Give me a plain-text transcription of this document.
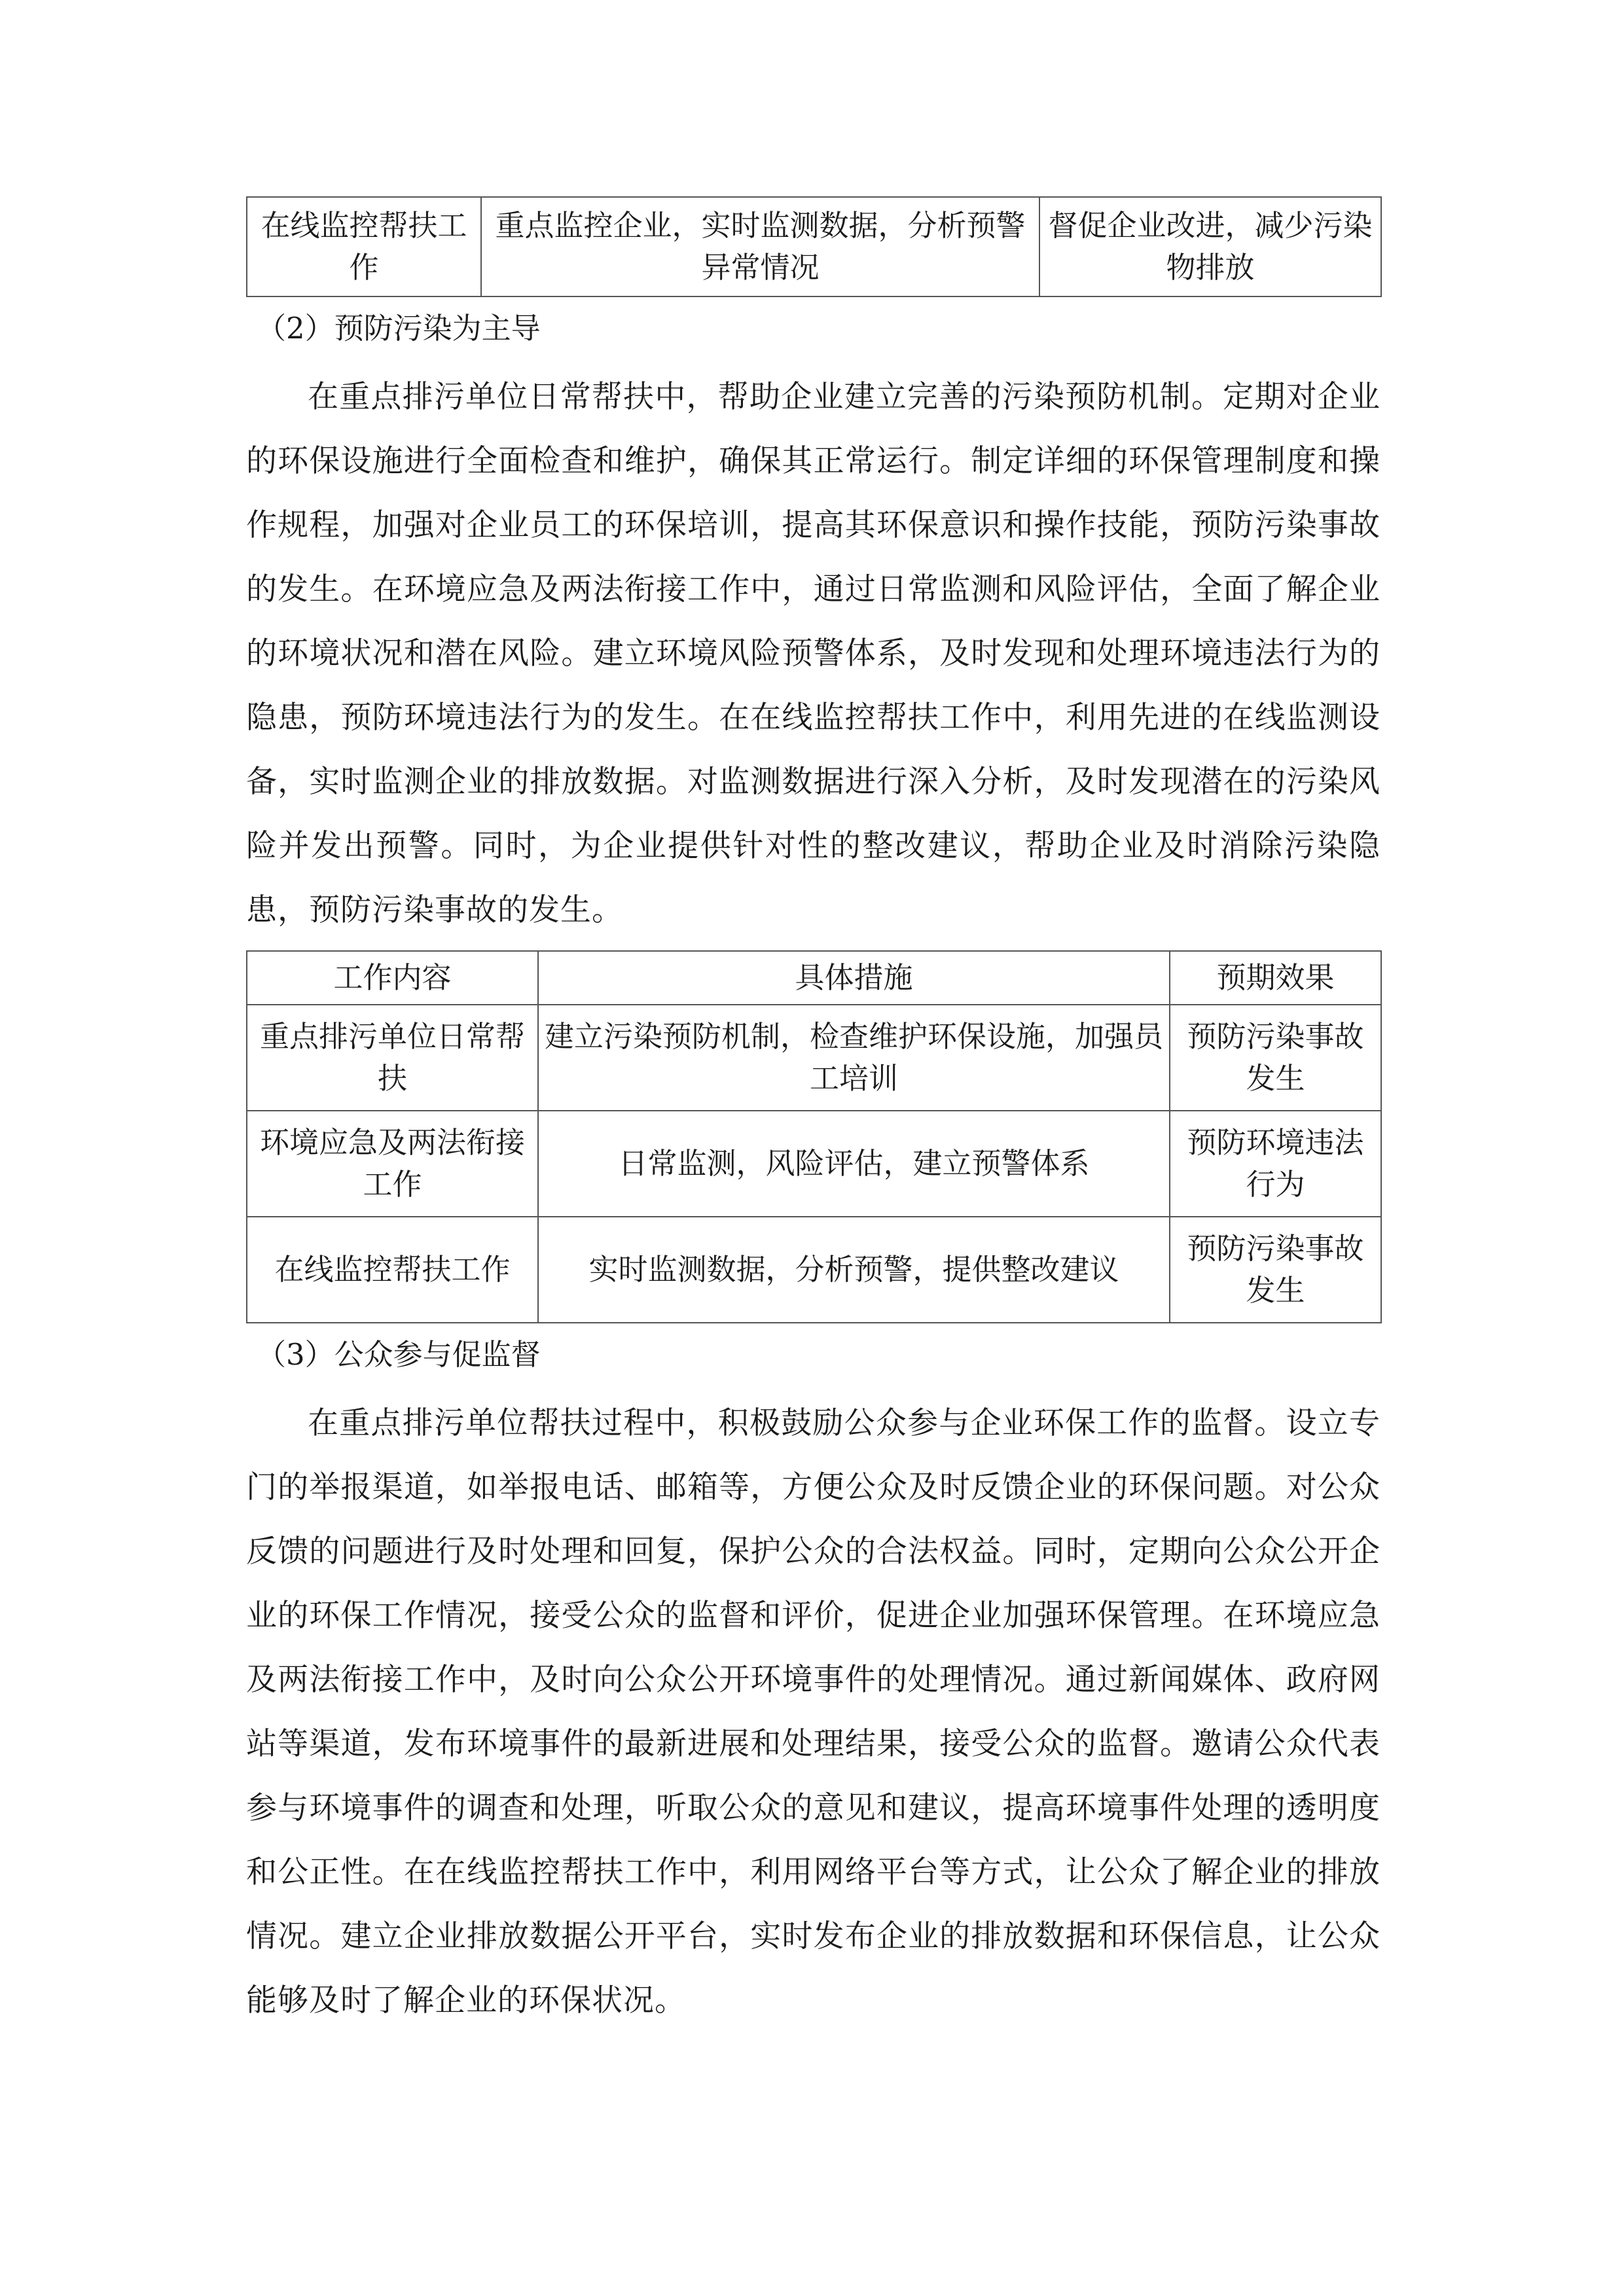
在线监控帮扶工作	重点监控企业，实时监测数据，分析预警异常情况	督促企业改进，减少污染物排放
（2）预防污染为主导

在重点排污单位日常帮扶中，帮助企业建立完善的污染预防机制。定期对企业的环保设施进行全面检查和维护，确保其正常运行。制定详细的环保管理制度和操作规程，加强对企业员工的环保培训，提高其环保意识和操作技能，预防污染事故的发生。在环境应急及两法衔接工作中，通过日常监测和风险评估，全面了解企业的环境状况和潜在风险。建立环境风险预警体系，及时发现和处理环境违法行为的隐患，预防环境违法行为的发生。在在线监控帮扶工作中，利用先进的在线监测设备，实时监测企业的排放数据。对监测数据进行深入分析，及时发现潜在的污染风险并发出预警。同时，为企业提供针对性的整改建议，帮助企业及时消除污染隐患，预防污染事故的发生。

工作内容	具体措施	预期效果
重点排污单位日常帮扶	建立污染预防机制，检查维护环保设施，加强员工培训	预防污染事故发生
环境应急及两法衔接工作	日常监测，风险评估，建立预警体系	预防环境违法行为
在线监控帮扶工作	实时监测数据，分析预警，提供整改建议	预防污染事故发生
（3）公众参与促监督

在重点排污单位帮扶过程中，积极鼓励公众参与企业环保工作的监督。设立专门的举报渠道，如举报电话、邮箱等，方便公众及时反馈企业的环保问题。对公众反馈的问题进行及时处理和回复，保护公众的合法权益。同时，定期向公众公开企业的环保工作情况，接受公众的监督和评价，促进企业加强环保管理。在环境应急及两法衔接工作中，及时向公众公开环境事件的处理情况。通过新闻媒体、政府网站等渠道，发布环境事件的最新进展和处理结果，接受公众的监督。邀请公众代表参与环境事件的调查和处理，听取公众的意见和建议，提高环境事件处理的透明度和公正性。在在线监控帮扶工作中，利用网络平台等方式，让公众了解企业的排放情况。建立企业排放数据公开平台，实时发布企业的排放数据和环保信息，让公众能够及时了解企业的环保状况。
